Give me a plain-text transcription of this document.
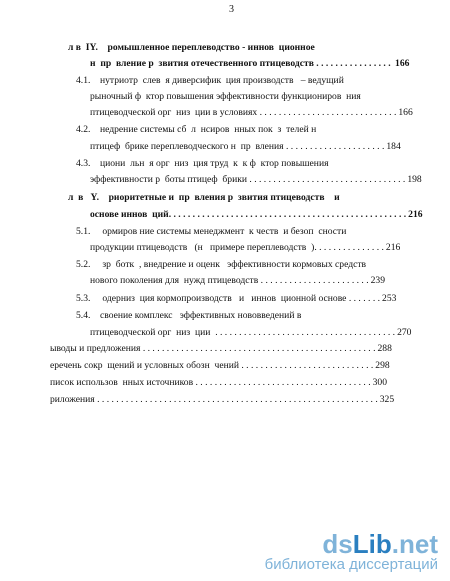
3
л в  IY.    ромышленное переплеводство - иннов  ционное
н  пр  вление р  звития отечественного птицеводств . . . . . . . . . . . . . . . . 166
4.1.    нутриотр  слев  я диверсифик  ция производств   – ведущий
рыночный ф  ктор повышения эффективности функциониров  ния
птицеводческой орг  низ  ции в условиях . . . . . . . . . . . . . . . . . . . . . . . . . . . . . 166
4.2.    недрение системы сб  л  нсиров  нных пок  з  телей н
птицеф  брике переплеводческого н  пр  вления . . . . . . . . . . . . . . . . . . . . . 184
4.3.    циони  льн  я орг  низ  ция труд  к  к ф  ктор повышения
эффективности р  боты птицеф  брики . . . . . . . . . . . . . . . . . . . . . . . . . . . . . . . . . 198
л  в   Y.    риоритетные и  пр  вления р  звития птицеводств    и
основе иннов  ций . . . . . . . . . . . . . . . . . . . . . . . . . . . . . . . . . . . . . . . . . . . . . . . . . . 216
5.1.     ормиров ние системы менеджмент  к честв  и безоп  сности
продукции птицеводств   (н   примере переплеводств  ) . . . . . . . . . . . . . . . 216
5.2.     зр  ботк  , внедрение и оценк   эффективности кормовых средств
нового поколения для  нужд птицеводств . . . . . . . . . . . . . . . . . . . . . . . 239
5.3.     одерниз  ция кормопроизводств   и   иннов  ционной основе . . . . . . . 253
5.4.    своение комплекс   эффективных нововведений в
птицеводческой орг  низ  ции . . . . . . . . . . . . . . . . . . . . . . . . . . . . . . . . . . . . . . 270
ыводы и предложения . . . . . . . . . . . . . . . . . . . . . . . . . . . . . . . . . . . . . . . . . . . . . . . . . 288
еречень сокр  щений и условных обозн  чений . . . . . . . . . . . . . . . . . . . . . . . . . . . . 298
писок использов  нных источников . . . . . . . . . . . . . . . . . . . . . . . . . . . . . . . . . . . . . 300
риложения . . . . . . . . . . . . . . . . . . . . . . . . . . . . . . . . . . . . . . . . . . . . . . . . . . . . . . . . . . . 325
dsLib.net
библиотека диссертаций
